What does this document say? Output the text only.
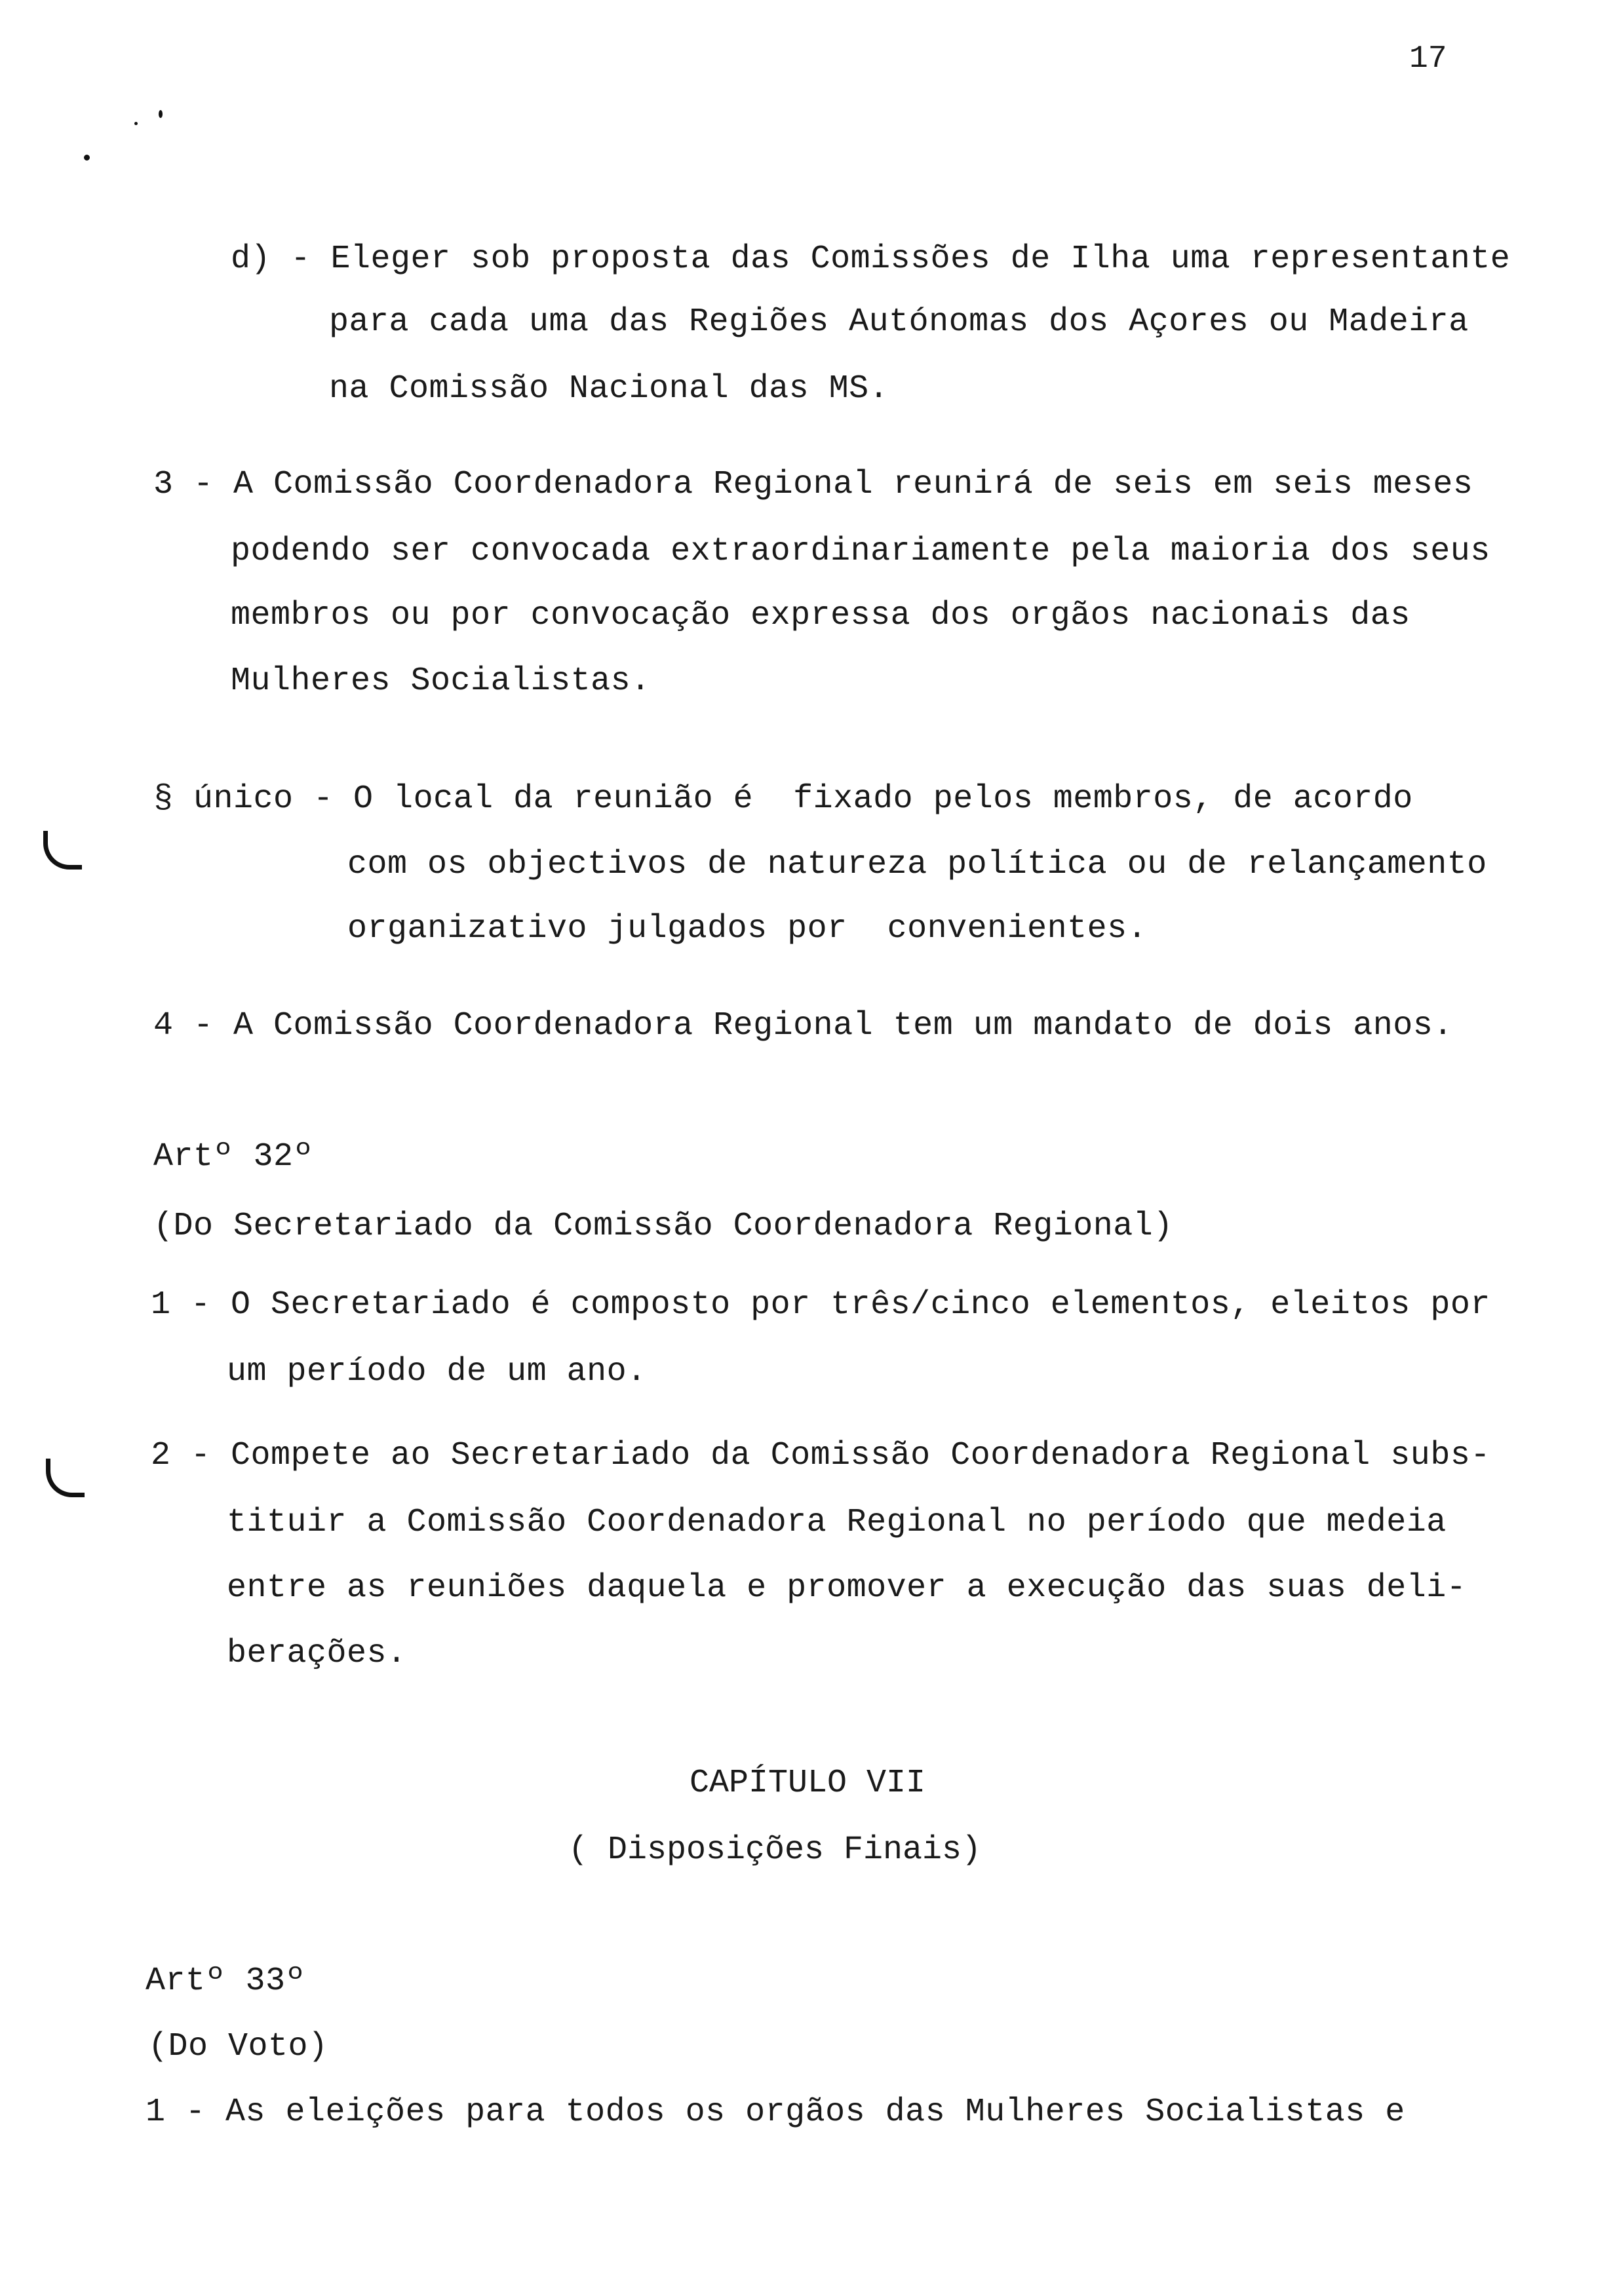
17
d) - Eleger sob proposta das Comissões de Ilha uma representante
para cada uma das Regiões Autónomas dos Açores ou Madeira
na Comissão Nacional das MS.
3 - A Comissão Coordenadora Regional reunirá de seis em seis meses
podendo ser convocada extraordinariamente pela maioria dos seus
membros ou por convocação expressa dos orgãos nacionais das
Mulheres Socialistas.
§ único - O local da reunião é  fixado pelos membros, de acordo
com os objectivos de natureza política ou de relançamento
organizativo julgados por  convenientes.
4 - A Comissão Coordenadora Regional tem um mandato de dois anos.
Artº 32º
(Do Secretariado da Comissão Coordenadora Regional)
1 - O Secretariado é composto por três/cinco elementos, eleitos por
um período de um ano.
2 - Compete ao Secretariado da Comissão Coordenadora Regional subs-
tituir a Comissão Coordenadora Regional no período que medeia
entre as reuniões daquela e promover a execução das suas deli-
berações.
CAPÍTULO VII
( Disposições Finais)
Artº 33º
(Do Voto)
1 - As eleições para todos os orgãos das Mulheres Socialistas e
